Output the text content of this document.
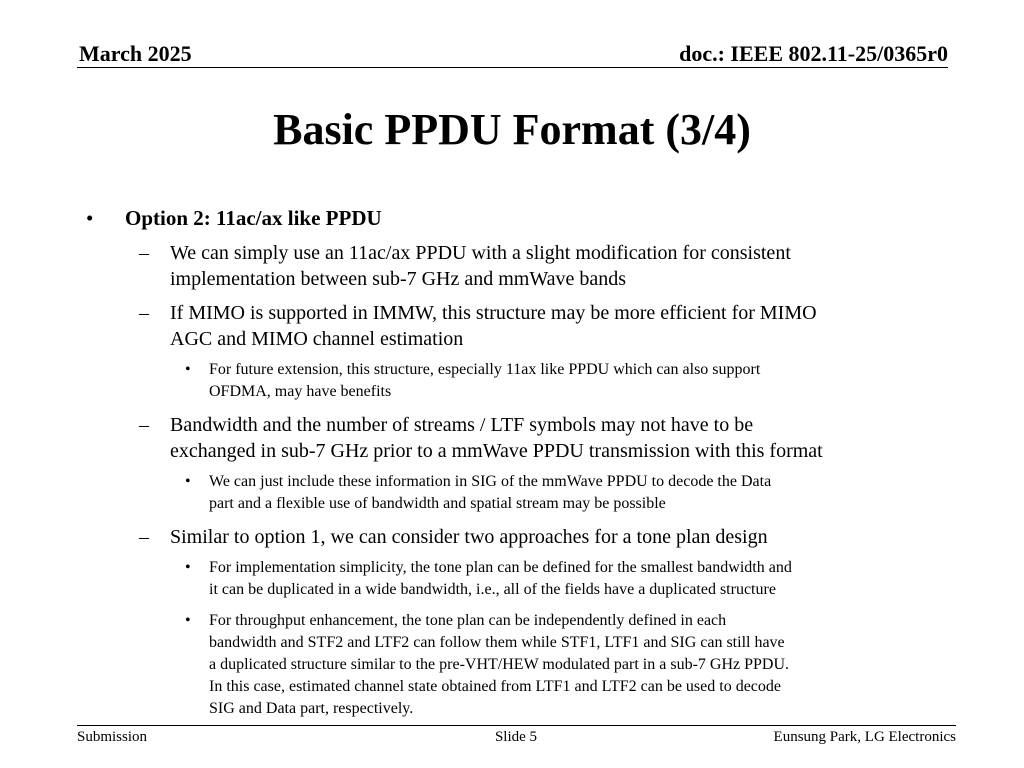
March 2025	doc.: IEEE 802.11-25/0365r0
Basic PPDU Format (3/4)
• Option 2: 11ac/ax like PPDU
– We can simply use an 11ac/ax PPDU with a slight modification for consistent
implementation between sub-7 GHz and mmWave bands
– If MIMO is supported in IMMW, this structure may be more efficient for MIMO
AGC and MIMO channel estimation
• For future extension, this structure, especially 11ax like PPDU which can also support
OFDMA, may have benefits
– Bandwidth and the number of streams / LTF symbols may not have to be
exchanged in sub-7 GHz prior to a mmWave PPDU transmission with this format
• We can just include these information in SIG of the mmWave PPDU to decode the Data
part and a flexible use of bandwidth and spatial stream may be possible
– Similar to option 1, we can consider two approaches for a tone plan design
• For implementation simplicity, the tone plan can be defined for the smallest bandwidth and
it can be duplicated in a wide bandwidth, i.e., all of the fields have a duplicated structure
• For throughput enhancement, the tone plan can be independently defined in each
bandwidth and STF2 and LTF2 can follow them while STF1, LTF1 and SIG can still have
a duplicated structure similar to the pre-VHT/HEW modulated part in a sub-7 GHz PPDU.
In this case, estimated channel state obtained from LTF1 and LTF2 can be used to decode
SIG and Data part, respectively.
Submission	Slide 5	Eunsung Park, LG Electronics
